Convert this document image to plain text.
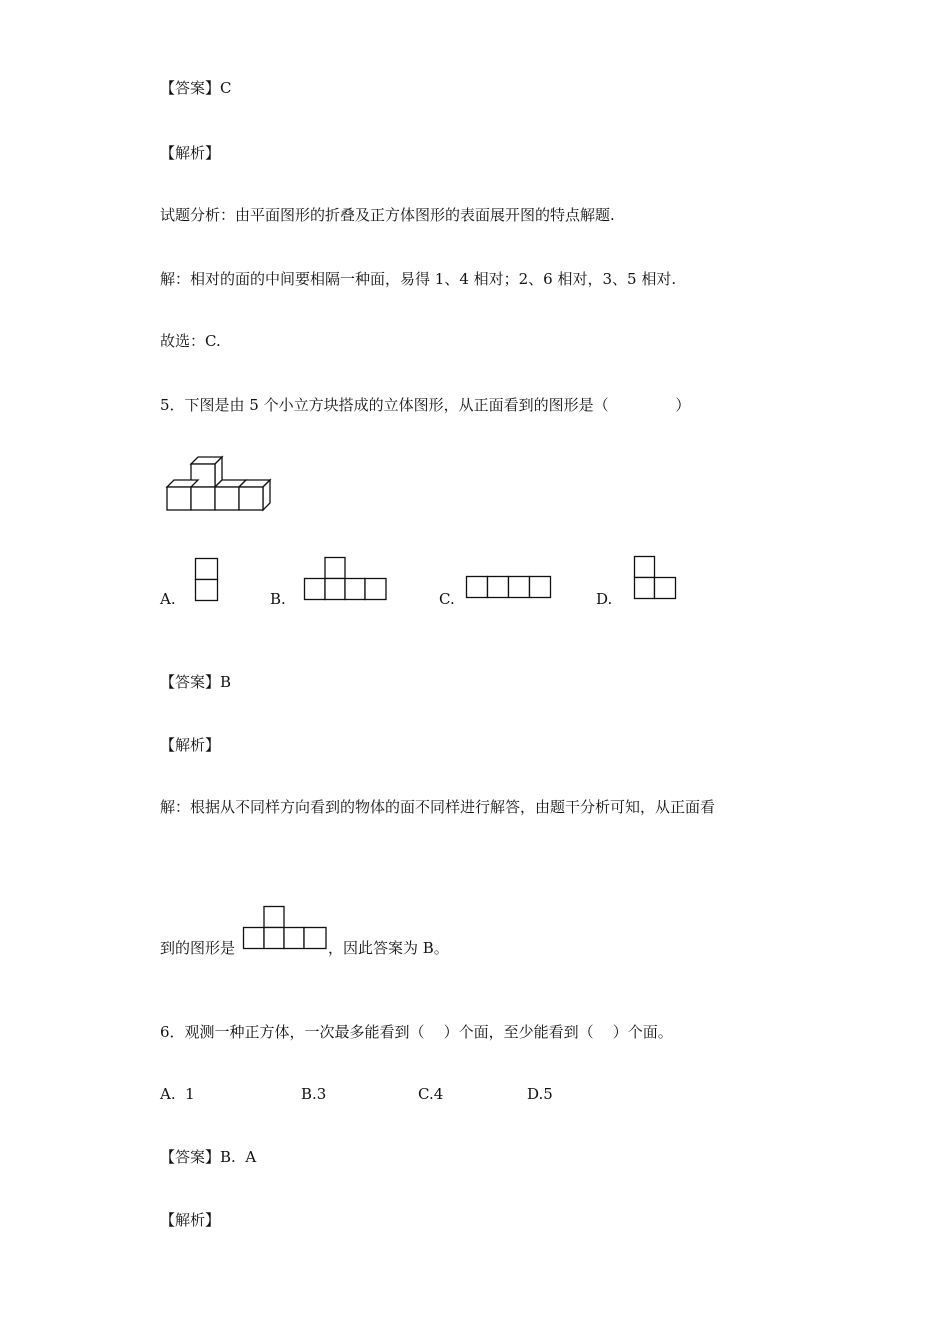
【答案】C
【解析】
试题分析：由平面图形的折叠及正方体图形的表面展开图的特点解题.
解：相对的面的中间要相隔一种面，易得 1、4 相对；2、6 相对，3、5 相对.
故选：C.
5．下图是由 5 个小立方块搭成的立体图形，从正面看到的图形是（              ）
A.	B.	C.	D.
【答案】B
【解析】
解：根据从不同样方向看到的物体的面不同样进行解答，由题干分析可知，从正面看
到的图形是	，因此答案为 B。
6．观测一种正方体，一次最多能看到（    ）个面，至少能看到（    ）个面。
A.  1	B.3	C.4	D.5
【答案】B.  A
【解析】
